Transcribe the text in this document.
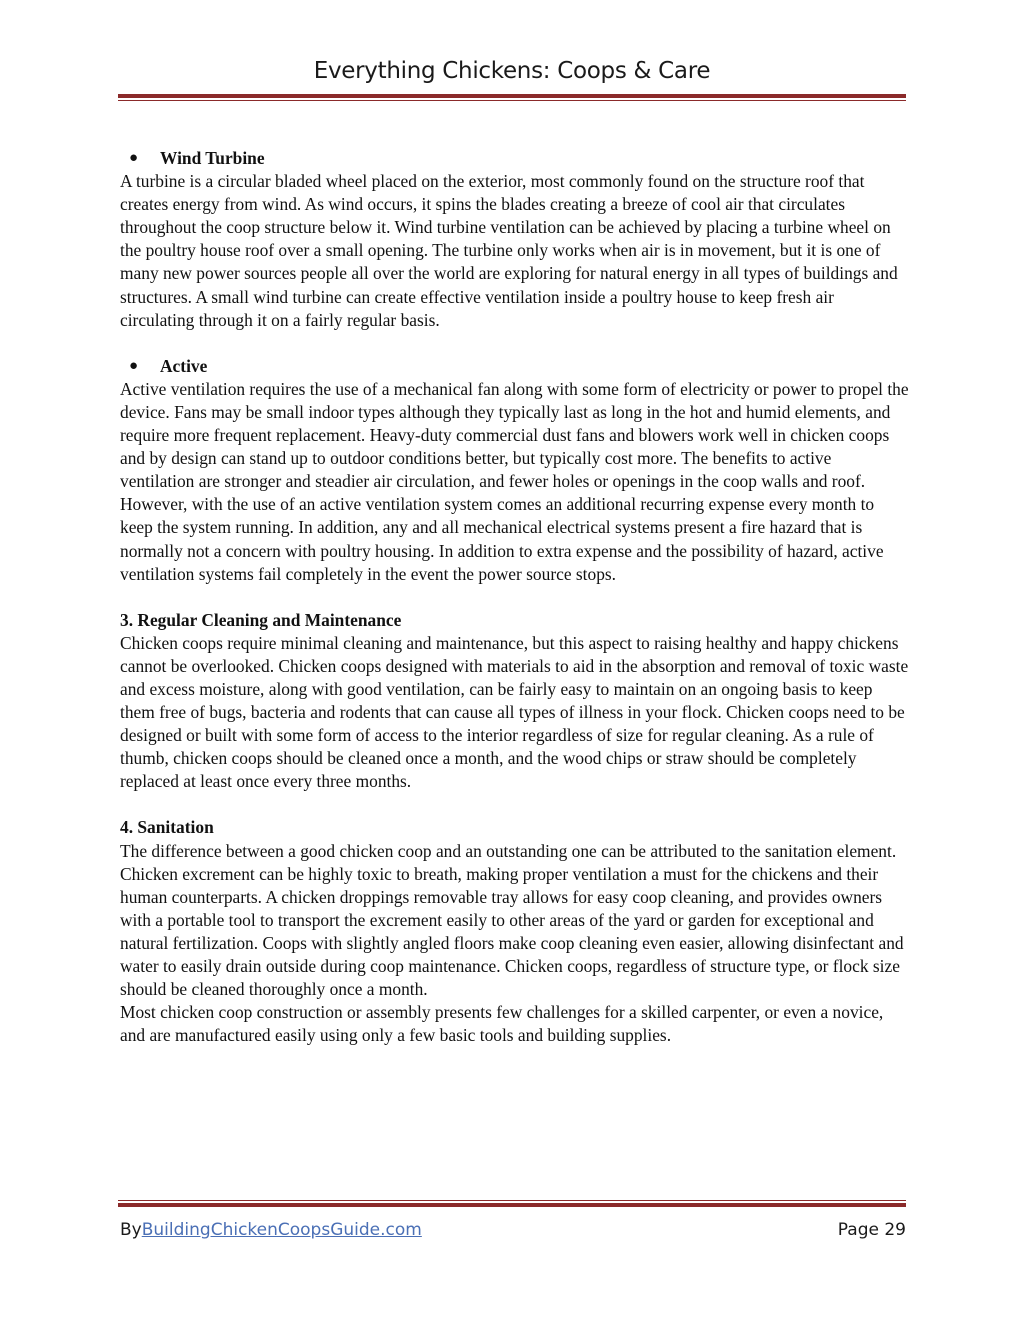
Everything Chickens: Coops & Care
● Wind Turbine

A turbine is a circular bladed wheel placed on the exterior, most commonly found on the structure roof that creates energy from wind. As wind occurs, it spins the blades creating a breeze of cool air that circulates throughout the coop structure below it. Wind turbine ventilation can be achieved by placing a turbine wheel on the poultry house roof over a small opening. The turbine only works when air is in movement, but it is one of many new power sources people all over the world are exploring for natural energy in all types of buildings and structures. A small wind turbine can create effective ventilation inside a poultry house to keep fresh air circulating through it on a fairly regular basis.

● Active

Active ventilation requires the use of a mechanical fan along with some form of electricity or power to propel the device. Fans may be small indoor types although they typically last as long in the hot and humid elements, and require more frequent replacement. Heavy-duty commercial dust fans and blowers work well in chicken coops and by design can stand up to outdoor conditions better, but typically cost more. The benefits to active ventilation are stronger and steadier air circulation, and fewer holes or openings in the coop walls and roof. However, with the use of an active ventilation system comes an additional recurring expense every month to keep the system running. In addition, any and all mechanical electrical systems present a fire hazard that is normally not a concern with poultry housing. In addition to extra expense and the possibility of hazard, active ventilation systems fail completely in the event the power source stops.

3. Regular Cleaning and Maintenance

Chicken coops require minimal cleaning and maintenance, but this aspect to raising healthy and happy chickens cannot be overlooked. Chicken coops designed with materials to aid in the absorption and removal of toxic waste and excess moisture, along with good ventilation, can be fairly easy to maintain on an ongoing basis to keep them free of bugs, bacteria and rodents that can cause all types of illness in your flock. Chicken coops need to be designed or built with some form of access to the interior regardless of size for regular cleaning. As a rule of thumb, chicken coops should be cleaned once a month, and the wood chips or straw should be completely replaced at least once every three months.

4. Sanitation

The difference between a good chicken coop and an outstanding one can be attributed to the sanitation element. Chicken excrement can be highly toxic to breath, making proper ventilation a must for the chickens and their human counterparts. A chicken droppings removable tray allows for easy coop cleaning, and provides owners with a portable tool to transport the excrement easily to other areas of the yard or garden for exceptional and natural fertilization. Coops with slightly angled floors make coop cleaning even easier, allowing disinfectant and water to easily drain outside during coop maintenance. Chicken coops, regardless of structure type, or flock size should be cleaned thoroughly once a month.

Most chicken coop construction or assembly presents few challenges for a skilled carpenter, or even a novice, and are manufactured easily using only a few basic tools and building supplies.

ByBuildingChickenCoopsGuide.com	Page 29
